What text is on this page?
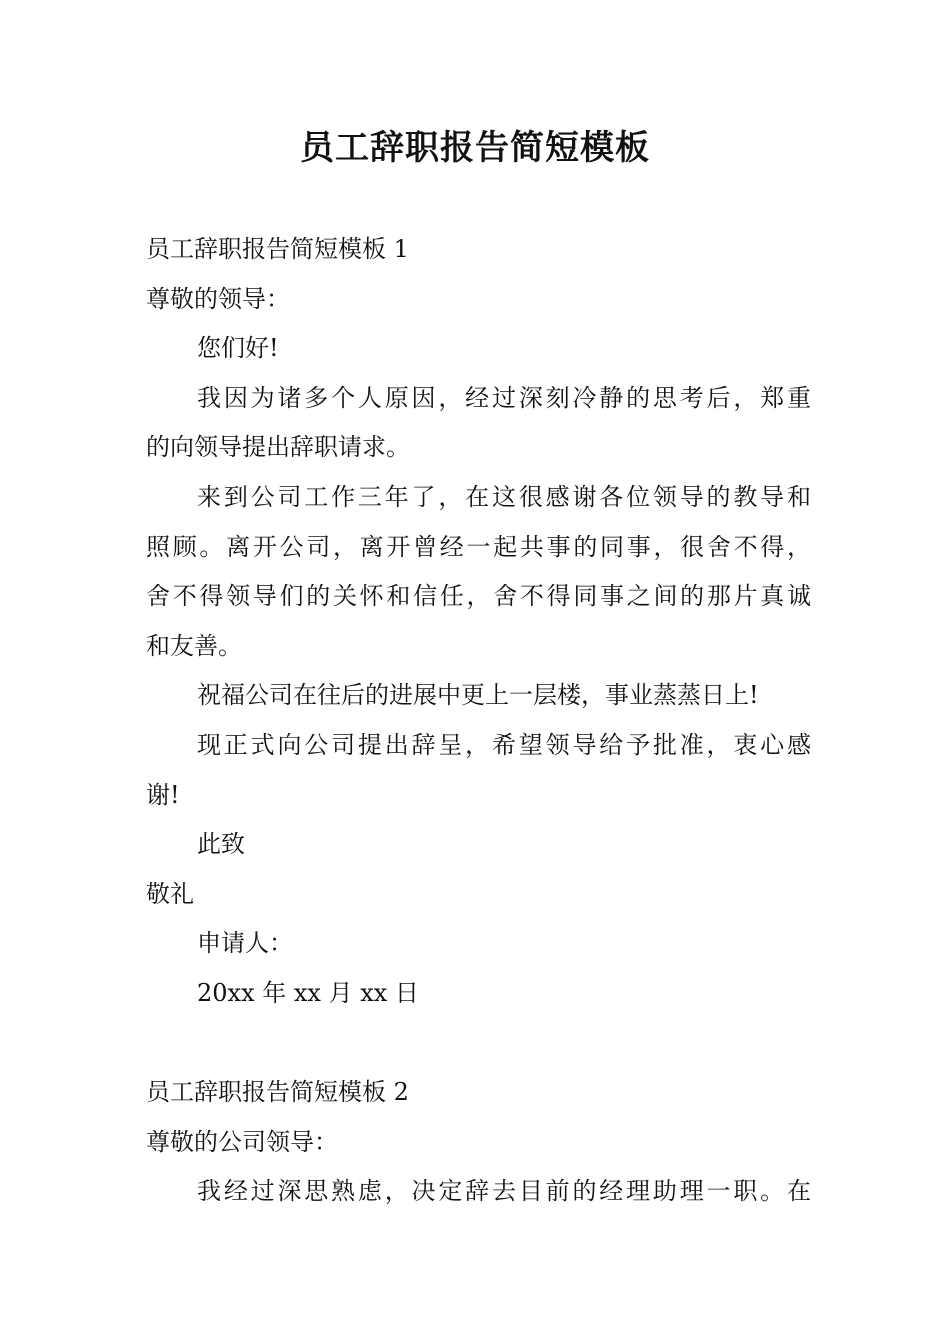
员工辞职报告简短模板
员工辞职报告简短模板 1
尊敬的领导：
您们好!
我因为诸多个人原因，经过深刻冷静的思考后，郑重
的向领导提出辞职请求。
来到公司工作三年了，在这很感谢各位领导的教导和
照顾。离开公司，离开曾经一起共事的同事，很舍不得，
舍不得领导们的关怀和信任，舍不得同事之间的那片真诚
和友善。
祝福公司在往后的进展中更上一层楼，事业蒸蒸日上!
现正式向公司提出辞呈，希望领导给予批准，衷心感
谢!
此致
敬礼
申请人：
20xx 年 xx 月 xx 日
员工辞职报告简短模板 2
尊敬的公司领导：
我经过深思熟虑，决定辞去目前的经理助理一职。在
